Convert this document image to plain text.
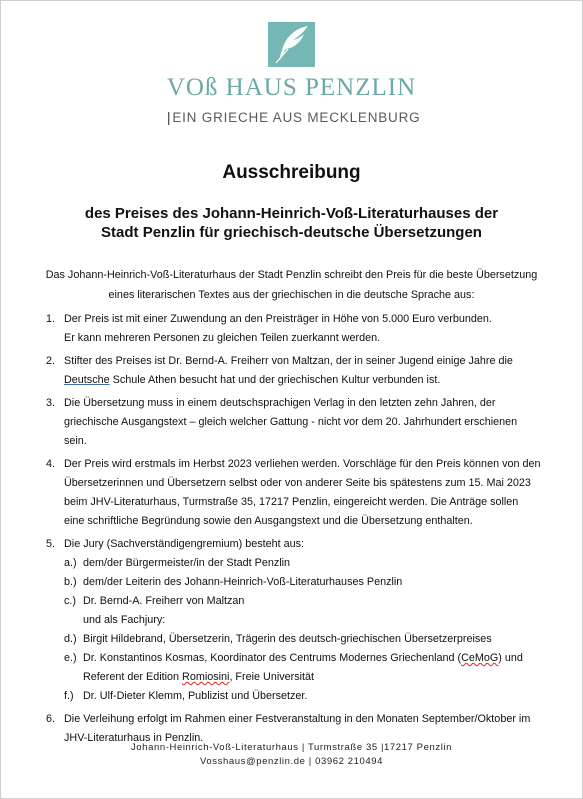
VOß HAUS PENZLIN
|EIN GRIECHE AUS MECKLENBURG
Ausschreibung
des Preises des Johann-Heinrich-Voß-Literaturhauses der
Stadt Penzlin für griechisch-deutsche Übersetzungen
Das Johann-Heinrich-Voß-Literaturhaus der Stadt Penzlin schreibt den Preis für die beste Übersetzung
eines literarischen Textes aus der griechischen in die deutsche Sprache aus:
1. Der Preis ist mit einer Zuwendung an den Preisträger in Höhe von 5.000 Euro verbunden.
Er kann mehreren Personen zu gleichen Teilen zuerkannt werden.
2. Stifter des Preises ist Dr. Bernd-A. Freiherr von Maltzan, der in seiner Jugend einige Jahre die
Deutsche Schule Athen besucht hat und der griechischen Kultur verbunden ist.
3. Die Übersetzung muss in einem deutschsprachigen Verlag in den letzten zehn Jahren, der
griechische Ausgangstext – gleich welcher Gattung - nicht vor dem 20. Jahrhundert erschienen
sein.
4. Der Preis wird erstmals im Herbst 2023 verliehen werden. Vorschläge für den Preis können von den
Übersetzerinnen und Übersetzern selbst oder von anderer Seite bis spätestens zum 15. Mai 2023
beim JHV-Literaturhaus, Turmstraße 35, 17217 Penzlin, eingereicht werden. Die Anträge sollen
eine schriftliche Begründung sowie den Ausgangstext und die Übersetzung enthalten.
5. Die Jury (Sachverständigengremium) besteht aus:
a.) dem/der Bürgermeister/in der Stadt Penzlin
b.) dem/der Leiterin des Johann-Heinrich-Voß-Literaturhauses Penzlin
c.) Dr. Bernd-A. Freiherr von Maltzan
und als Fachjury:
d.) Birgit Hildebrand, Übersetzerin, Trägerin des deutsch-griechischen Übersetzerpreises
e.) Dr. Konstantinos Kosmas, Koordinator des Centrums Modernes Griechenland (CeMoG) und
Referent der Edition Romiosini, Freie Universität
f.) Dr. Ulf-Dieter Klemm, Publizist und Übersetzer.
6. Die Verleihung erfolgt im Rahmen einer Festveranstaltung in den Monaten September/Oktober im
JHV-Literaturhaus in Penzlin.
Johann-Heinrich-Voß-Literaturhaus | Turmstraße 35 |17217 Penzlin
Vosshaus@penzlin.de | 03962 210494
